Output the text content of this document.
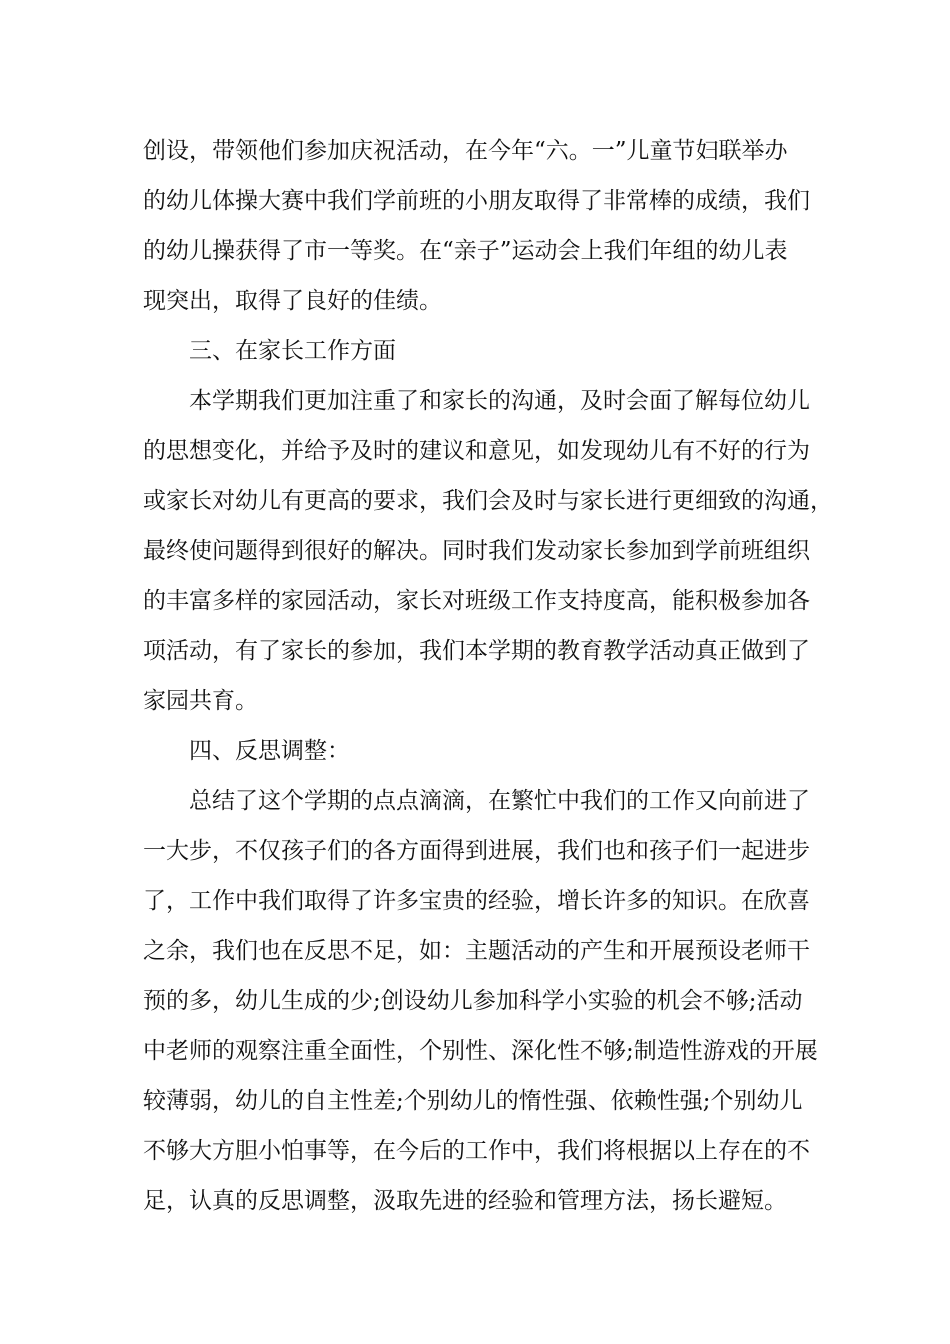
创设，带领他们参加庆祝活动，在今年“六。一”儿童节妇联举办
的幼儿体操大赛中我们学前班的小朋友取得了非常棒的成绩，我们
的幼儿操获得了市一等奖。在“亲子”运动会上我们年组的幼儿表
现突出，取得了良好的佳绩。
三、在家长工作方面
本学期我们更加注重了和家长的沟通，及时会面了解每位幼儿
的思想变化，并给予及时的建议和意见，如发现幼儿有不好的行为
或家长对幼儿有更高的要求，我们会及时与家长进行更细致的沟通，
最终使问题得到很好的解决。同时我们发动家长参加到学前班组织
的丰富多样的家园活动，家长对班级工作支持度高，能积极参加各
项活动，有了家长的参加，我们本学期的教育教学活动真正做到了
家园共育。
四、反思调整：
总结了这个学期的点点滴滴，在繁忙中我们的工作又向前进了
一大步，不仅孩子们的各方面得到进展，我们也和孩子们一起进步
了，工作中我们取得了许多宝贵的经验，增长许多的知识。在欣喜
之余，我们也在反思不足，如：主题活动的产生和开展预设老师干
预的多，幼儿生成的少;创设幼儿参加科学小实验的机会不够;活动
中老师的观察注重全面性，个别性、深化性不够;制造性游戏的开展
较薄弱，幼儿的自主性差;个别幼儿的惰性强、依赖性强;个别幼儿
不够大方胆小怕事等，在今后的工作中，我们将根据以上存在的不
足，认真的反思调整，汲取先进的经验和管理方法，扬长避短。
